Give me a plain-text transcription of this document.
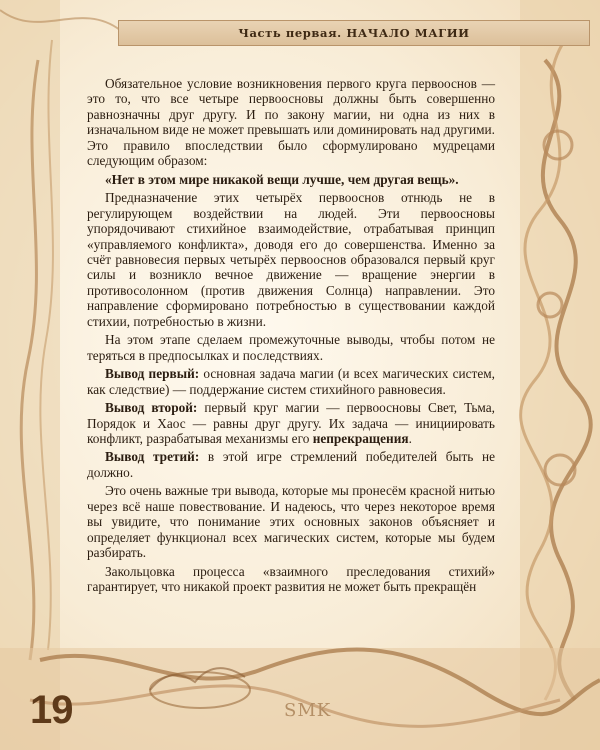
Часть первая. НАЧАЛО МАГИИ

Обязательное условие возникновения первого круга первооснов — это то, что все четыре первоосновы должны быть совершенно равнозначны друг другу. И по закону магии, ни одна из них в изначальном виде не может превышать или доминировать над другими. Это правило впоследствии было сформулировано мудрецами следующим образом:

«Нет в этом мире никакой вещи лучше, чем другая вещь».

Предназначение этих четырёх первооснов отнюдь не в регулирующем воздействии на людей. Эти первоосновы упорядочивают стихийное взаимодействие, отрабатывая принцип «управляемого конфликта», доводя его до совершенства. Именно за счёт равновесия первых четырёх первооснов образовался первый круг силы и возникло вечное движение — вращение энергии в противосолонном (против движения Солнца) направлении. Это направление сформировано потребностью в существовании каждой стихии, потребностью в жизни.

На этом этапе сделаем промежуточные выводы, чтобы потом не теряться в предпосылках и последствиях.

Вывод первый: основная задача магии (и всех магических систем, как следствие) — поддержание систем стихийного равновесия.

Вывод второй: первый круг магии — первоосновы Свет, Тьма, Порядок и Хаос — равны друг другу. Их задача — инициировать конфликт, разрабатывая механизмы его непрекращения.

Вывод третий: в этой игре стремлений победителей быть не должно.

Это очень важные три вывода, которые мы пронесём красной нитью через всё наше повествование. И надеюсь, что через некоторое время вы увидите, что понимание этих основных законов объясняет и определяет функционал всех магических систем, которые мы будем разбирать.

Закольцовка процесса «взаимного преследования стихий» гарантирует, что никакой проект развития не может быть прекращён

19	SMK
